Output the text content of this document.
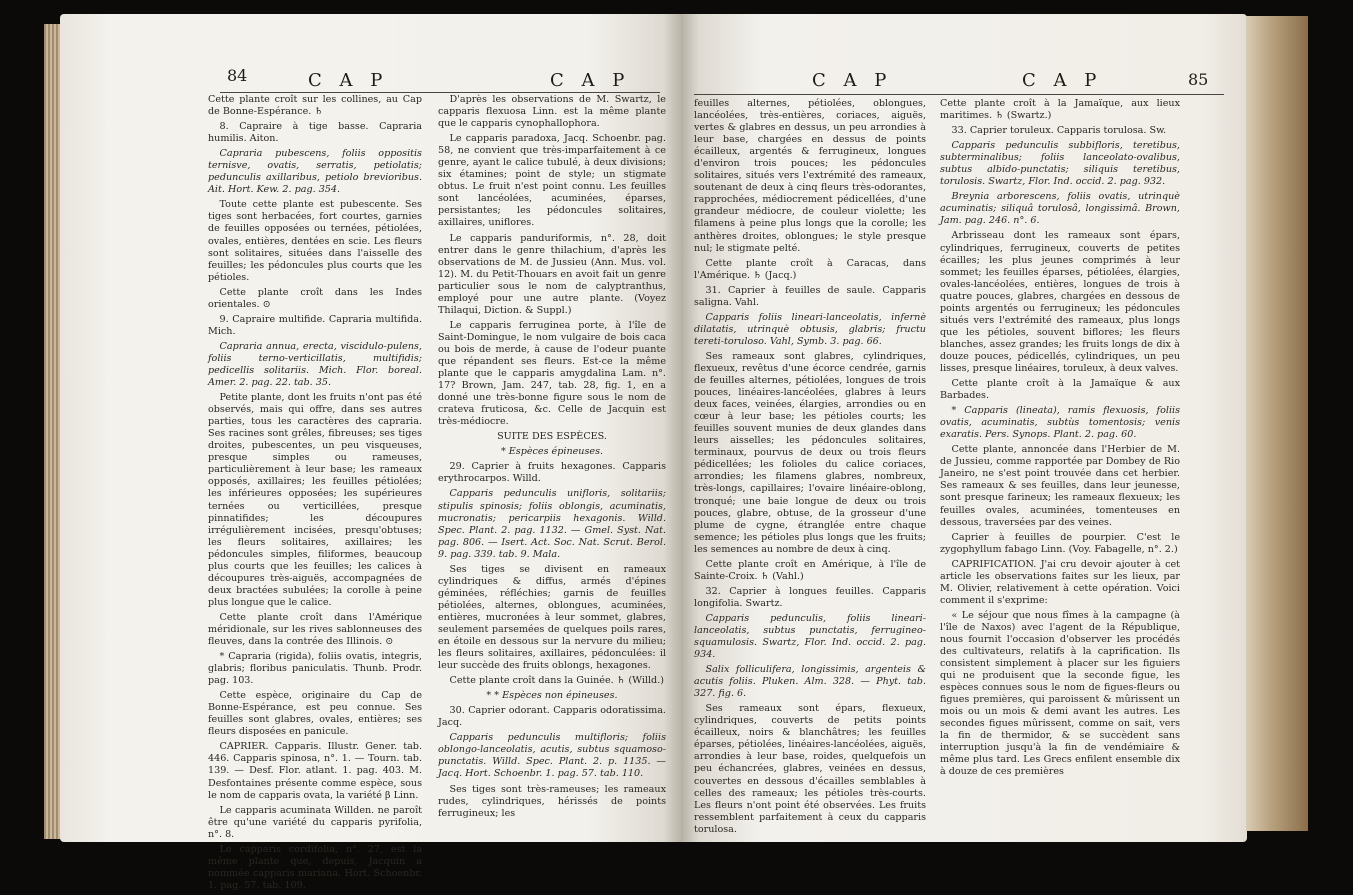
84	C A P	C A P

Cette plante croît sur les collines, au Cap de Bonne-Espérance. ♄

8. Capraire à tige basse. Capraria humilis. Aiton.

Capraria pubescens, foliis oppositis ternisve, ovatis, serratis, petiolatis; pedunculis axillaribus, petiolo brevioribus. Ait. Hort. Kew. 2. pag. 354.

Toute cette plante est pubescente. Ses tiges sont herbacées, fort courtes, garnies de feuilles opposées ou ternées, pétiolées, ovales, entières, dentées en scie. Les fleurs sont solitaires, situées dans l'aisselle des feuilles; les pédoncules plus courts que les pétioles.

Cette plante croît dans les Indes orientales. ⊙

9. Capraire multifide. Capraria multifida. Mich.

Capraria annua, erecta, viscidulo-pulens, foliis terno-verticillatis, multifidis; pedicellis solitariis. Mich. Flor. boreal. Amer. 2. pag. 22. tab. 35.

Petite plante, dont les fruits n'ont pas été observés, mais qui offre, dans ses autres parties, tous les caractères des capraria. Ses racines sont grêles, fibreuses; ses tiges droites, pubescentes, un peu visqueuses, presque simples ou rameuses, particulièrement à leur base; les rameaux opposés, axillaires; les feuilles pétiolées; les inférieures opposées; les supérieures ternées ou verticillées, presque pinnatifides; les découpures irrégulièrement incisées, presqu'obtuses; les fleurs solitaires, axillaires; les pédoncules simples, filiformes, beaucoup plus courts que les feuilles; les calices à découpures très-aiguës, accompagnées de deux bractées subulées; la corolle à peine plus longue que le calice.

Cette plante croît dans l'Amérique méridionale, sur les rives sablonneuses des fleuves, dans la contrée des Illinois. ⊙

* Capraria (rigida), foliis ovatis, integris, glabris; floribus paniculatis. Thunb. Prodr. pag. 103.

Cette espèce, originaire du Cap de Bonne-Espérance, est peu connue. Ses feuilles sont glabres, ovales, entières; ses fleurs disposées en panicule.

CAPRIER. Capparis. Illustr. Gener. tab. 446. Capparis spinosa, n°. 1. — Tourn. tab. 139. — Desf. Flor. atlant. 1. pag. 403. M. Desfontaines présente comme espèce, sous le nom de capparis ovata, la variété β Linn.

Le capparis acuminata Willden. ne paroît être qu'une variété du capparis pyrifolia, n°. 8.

Le capparis cordifolia, n°. 27, est la même plante que, depuis, Jacquin a nommée capparis mariana. Hort. Schoenbr. 1. pag. 57. tab. 109.

D'après les observations de M. Swartz, le capparis flexuosa Linn. est la même plante que le capparis cynophallophora.

Le capparis paradoxa, Jacq. Schoenbr. pag. 58, ne convient que très-imparfaitement à ce genre, ayant le calice tubulé, à deux divisions; six étamines; point de style; un stigmate obtus. Le fruit n'est point connu. Les feuilles sont lancéolées, acuminées, éparses, persistantes; les pédoncules solitaires, axillaires, uniflores.

Le capparis panduriformis, n°. 28, doit entrer dans le genre thilachium, d'après les observations de M. de Jussieu (Ann. Mus. vol. 12). M. du Petit-Thouars en avoit fait un genre particulier sous le nom de calyptranthus, employé pour une autre plante. (Voyez Thilaqui, Diction. & Suppl.)

Le capparis ferruginea porte, à l'île de Saint-Domingue, le nom vulgaire de bois caca ou bois de merde, à cause de l'odeur puante que répandent ses fleurs. Est-ce la même plante que le capparis amygdalina Lam. n°. 17? Brown, Jam. 247, tab. 28, fig. 1, en a donné une très-bonne figure sous le nom de crateva fruticosa, &c. Celle de Jacquin est très-médiocre.

SUITE DES ESPÈCES.

* Espèces épineuses.

29. Caprier à fruits hexagones. Capparis erythrocarpos. Willd.

Capparis pedunculis unifloris, solitariis; stipulis spinosis; foliis oblongis, acuminatis, mucronatis; pericarpiis hexagonis. Willd. Spec. Plant. 2. pag. 1132. — Gmel. Syst. Nat. pag. 806. — Isert. Act. Soc. Nat. Scrut. Berol. 9. pag. 339. tab. 9. Mala.

Ses tiges se divisent en rameaux cylindriques & diffus, armés d'épines géminées, réfléchies; garnis de feuilles pétiolées, alternes, oblongues, acuminées, entières, mucronées à leur sommet, glabres, seulement parsemées de quelques poils rares, en étoile en dessous sur la nervure du milieu; les fleurs solitaires, axillaires, pédonculées: il leur succède des fruits oblongs, hexagones.

Cette plante croît dans la Guinée. ♄ (Willd.)

* * Espèces non épineuses.

30. Caprier odorant. Capparis odoratissima. Jacq.

Capparis pedunculis multifloris; foliis oblongo-lanceolatis, acutis, subtus squamoso-punctatis. Willd. Spec. Plant. 2. p. 1135. — Jacq. Hort. Schoenbr. 1. pag. 57. tab. 110.

Ses tiges sont très-rameuses; les rameaux rudes, cylindriques, hérissés de points ferrugineux; les

C A P	C A P	85

feuilles alternes, pétiolées, oblongues, lancéolées, très-entières, coriaces, aiguës, vertes & glabres en dessus, un peu arrondies à leur base, chargées en dessus de points écailleux, argentés & ferrugineux, longues d'environ trois pouces; les pédoncules solitaires, situés vers l'extrémité des rameaux, soutenant de deux à cinq fleurs très-odorantes, rapprochées, médiocrement pédicellées, d'une grandeur médiocre, de couleur violette; les filamens à peine plus longs que la corolle; les anthères droites, oblongues; le style presque nul; le stigmate pelté.

Cette plante croît à Caracas, dans l'Amérique. ♄ (Jacq.)

31. Caprier à feuilles de saule. Capparis saligna. Vahl.

Capparis foliis lineari-lanceolatis, infernè dilatatis, utrinquè obtusis, glabris; fructu tereti-toruloso. Vahl, Symb. 3. pag. 66.

Ses rameaux sont glabres, cylindriques, flexueux, revêtus d'une écorce cendrée, garnis de feuilles alternes, pétiolées, longues de trois pouces, linéaires-lancéolées, glabres à leurs deux faces, veinées, élargies, arrondies ou en cœur à leur base; les pétioles courts; les feuilles souvent munies de deux glandes dans leurs aisselles; les pédoncules solitaires, terminaux, pourvus de deux ou trois fleurs pédicellées; les folioles du calice coriaces, arrondies; les filamens glabres, nombreux, très-longs, capillaires; l'ovaire linéaire-oblong, tronqué; une baie longue de deux ou trois pouces, glabre, obtuse, de la grosseur d'une plume de cygne, étranglée entre chaque semence; les pétioles plus longs que les fruits; les semences au nombre de deux à cinq.

Cette plante croît en Amérique, à l'île de Sainte-Croix. ♄ (Vahl.)

32. Caprier à longues feuilles. Capparis longifolia. Swartz.

Capparis pedunculis, foliis lineari-lanceolatis, subtus punctatis, ferrugineo-squamulosis. Swartz, Flor. Ind. occid. 2. pag. 934.

Salix folliculifera, longissimis, argenteis & acutis foliis. Pluken. Alm. 328. — Phyt. tab. 327. fig. 6.

Ses rameaux sont épars, flexueux, cylindriques, couverts de petits points écailleux, noirs & blanchâtres; les feuilles éparses, pétiolées, linéaires-lancéolées, aiguës, arrondies à leur base, roides, quelquefois un peu échancrées, glabres, veinées en dessus, couvertes en dessous d'écailles semblables à celles des rameaux; les pétioles très-courts. Les fleurs n'ont point été observées. Les fruits ressemblent parfaitement à ceux du capparis torulosa.

Cette plante croît à la Jamaïque, aux lieux maritimes. ♄ (Swartz.)

33. Caprier toruleux. Capparis torulosa. Sw.

Capparis pedunculis subbifloris, teretibus, subterminalibus; foliis lanceolato-ovalibus, subtus albido-punctatis; siliquis teretibus, torulosis. Swartz, Flor. Ind. occid. 2. pag. 932.

Breynia arborescens, foliis ovatis, utrinquè acuminatis; siliquâ torulosâ, longissimâ. Brown, Jam. pag. 246. n°. 6.

Arbrisseau dont les rameaux sont épars, cylindriques, ferrugineux, couverts de petites écailles; les plus jeunes comprimés à leur sommet; les feuilles éparses, pétiolées, élargies, ovales-lancéolées, entières, longues de trois à quatre pouces, glabres, chargées en dessous de points argentés ou ferrugineux; les pédoncules situés vers l'extrémité des rameaux, plus longs que les pétioles, souvent biflores; les fleurs blanches, assez grandes; les fruits longs de dix à douze pouces, pédicellés, cylindriques, un peu lisses, presque linéaires, toruleux, à deux valves.

Cette plante croît à la Jamaïque & aux Barbades.

* Capparis (lineata), ramis flexuosis, foliis ovatis, acuminatis, subtùs tomentosis; venis exaratis. Pers. Synops. Plant. 2. pag. 60.

Cette plante, annoncée dans l'Herbier de M. de Jussieu, comme rapportée par Dombey de Rio Janeiro, ne s'est point trouvée dans cet herbier. Ses rameaux & ses feuilles, dans leur jeunesse, sont presque farineux; les rameaux flexueux; les feuilles ovales, acuminées, tomenteuses en dessous, traversées par des veines.

Caprier à feuilles de pourpier. C'est le zygophyllum fabago Linn. (Voy. Fabagelle, n°. 2.)

CAPRIFICATION. J'ai cru devoir ajouter à cet article les observations faites sur les lieux, par M. Olivier, relativement à cette opération. Voici comment il s'exprime:

« Le séjour que nous fîmes à la campagne (à l'île de Naxos) avec l'agent de la République, nous fournit l'occasion d'observer les procédés des cultivateurs, relatifs à la caprification. Ils consistent simplement à placer sur les figuiers qui ne produisent que la seconde figue, les espèces connues sous le nom de figues-fleurs ou figues premières, qui paroissent & mûrissent un mois ou un mois & demi avant les autres. Les secondes figues mûrissent, comme on sait, vers la fin de thermidor, & se succèdent sans interruption jusqu'à la fin de vendémiaire & même plus tard. Les Grecs enfilent ensemble dix à douze de ces premières
